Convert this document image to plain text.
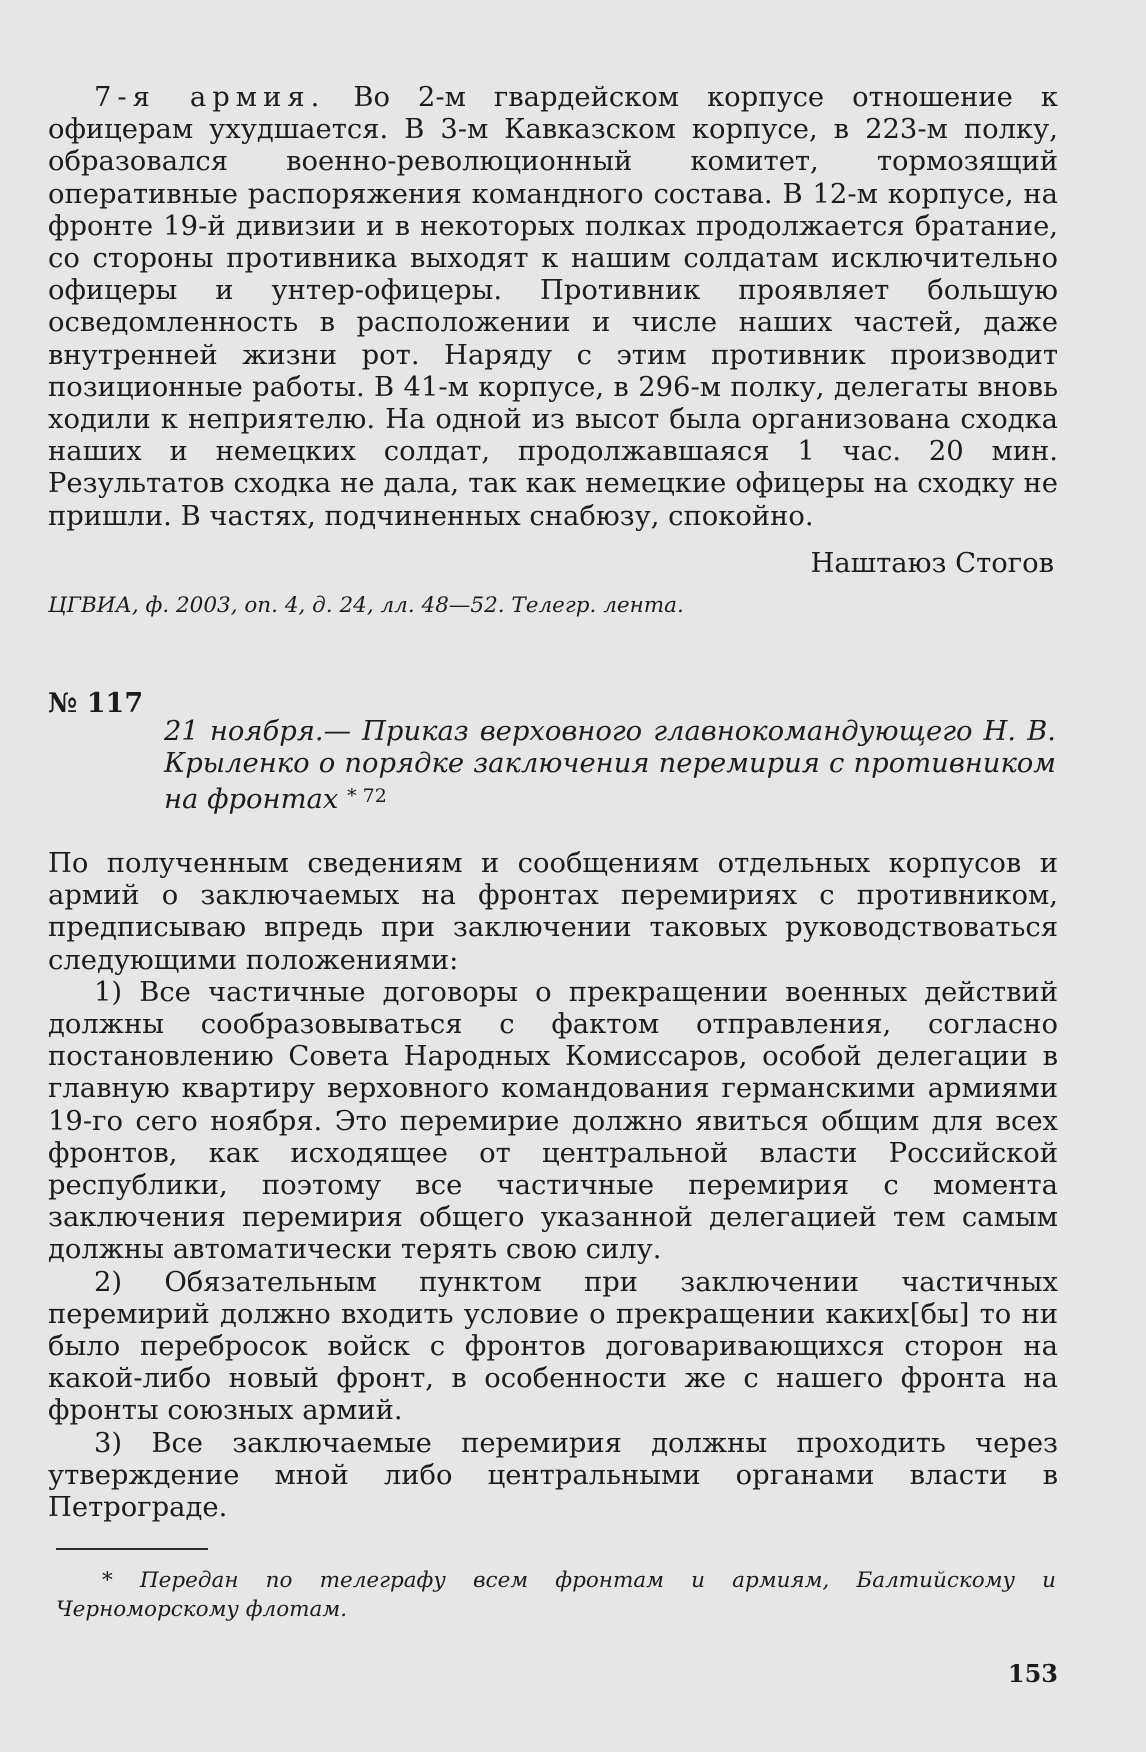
7-я армия. Во 2-м гвардейском корпусе отношение к офицерам ухудшается. В 3-м Кавказском корпусе, в 223-м полку, образовался военно-революционный комитет, тормозящий оперативные распоряжения командного состава. В 12-м корпусе, на фронте 19-й дивизии и в некоторых полках продолжается братание, со стороны противника выходят к нашим солдатам исключительно офицеры и унтер-офицеры. Противник проявляет большую осведомленность в расположении и числе наших частей, даже внутренней жизни рот. Наряду с этим противник производит позиционные работы. В 41-м корпусе, в 296-м полку, делегаты вновь ходили к неприятелю. На одной из высот была организована сходка наших и немецких солдат, продолжавшаяся 1 час. 20 мин. Результатов сходка не дала, так как немецкие офицеры на сходку не пришли. В частях, подчиненных снабюзу, спокойно.

Наштаюз Стогов
ЦГВИА, ф. 2003, оп. 4, д. 24, лл. 48—52. Телегр. лента.
№ 117

21 ноября.— Приказ верховного главнокомандующего Н. В. Крыленко о порядке заключения перемирия с противником на фронтах $^{* 72}$

По полученным сведениям и сообщениям отдельных корпусов и армий о заключаемых на фронтах перемириях с противником, предписываю впредь при заключении таковых руководствоваться следующими положениями:

1) Все частичные договоры о прекращении военных действий должны сообразовываться с фактом отправления, согласно постановлению Совета Народных Комиссаров, особой делегации в главную квартиру верховного командования германскими армиями 19-го сего ноября. Это перемирие должно явиться общим для всех фронтов, как исходящее от центральной власти Российской республики, поэтому все частичные перемирия с момента заключения перемирия общего указанной делегацией тем самым должны автоматически терять свою силу.

2) Обязательным пунктом при заключении частичных перемирий должно входить условие о прекращении каких[бы] то ни было перебросок войск с фронтов договаривающихся сторон на какой-либо новый фронт, в особенности же с нашего фронта на фронты союзных армий.

3) Все заключаемые перемирия должны проходить через утверждение мной либо центральными органами власти в Петрограде.

* Передан по телеграфу всем фронтам и армиям, Балтийскому и Черноморскому флотам.

153
